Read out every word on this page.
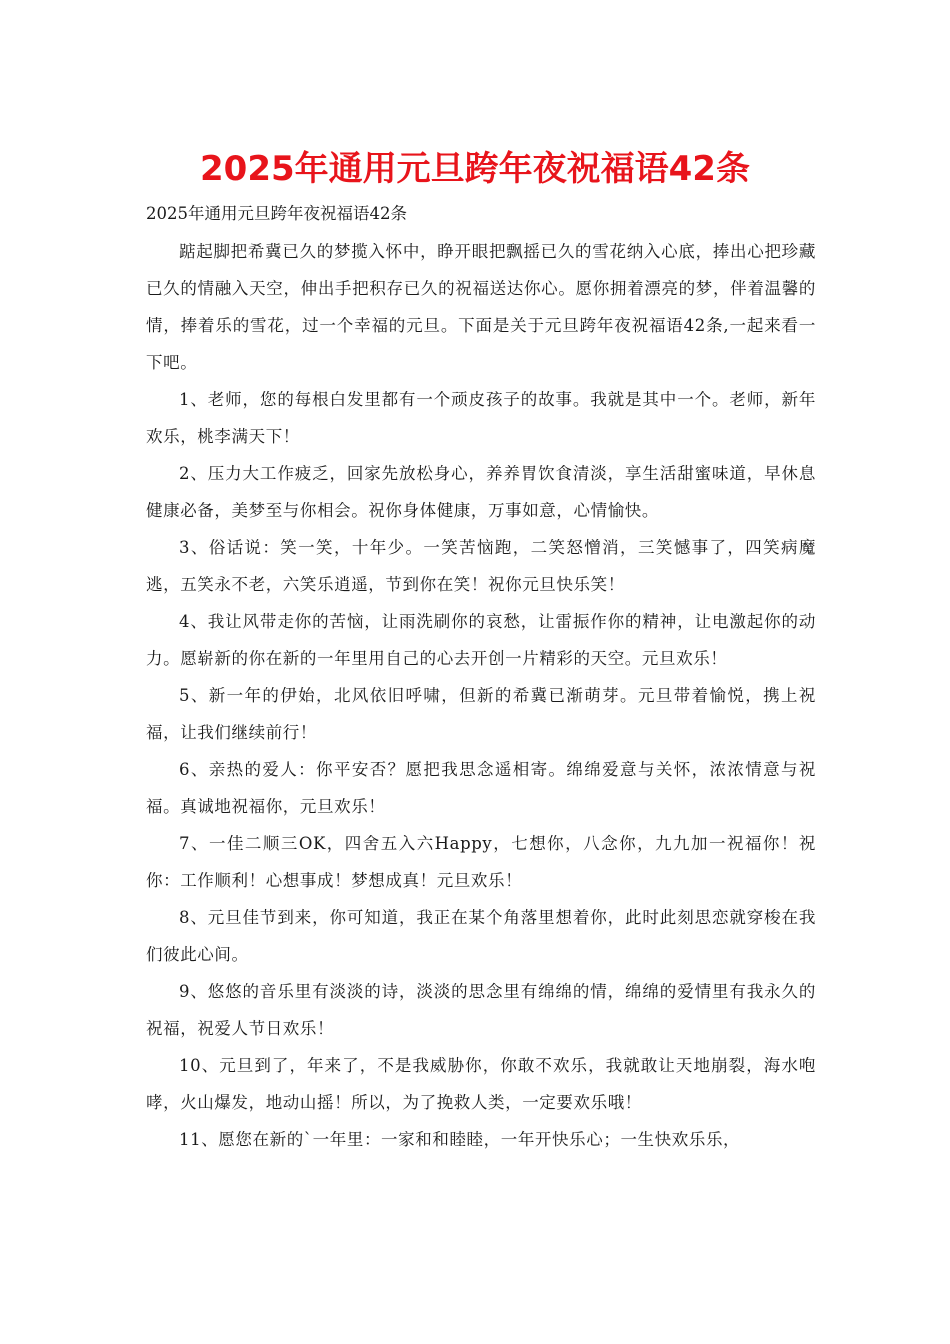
2025年通用元旦跨年夜祝福语42条

2025年通用元旦跨年夜祝福语42条

踮起脚把希冀已久的梦揽入怀中，睁开眼把飘摇已久的雪花纳入心底，捧出心把珍藏已久的情融入天空，伸出手把积存已久的祝福送达你心。愿你拥着漂亮的梦，伴着温馨的情，捧着乐的雪花，过一个幸福的元旦。下面是关于元旦跨年夜祝福语42条,一起来看一下吧。

1、老师，您的每根白发里都有一个顽皮孩子的故事。我就是其中一个。老师，新年欢乐，桃李满天下！

2、压力大工作疲乏，回家先放松身心，养养胃饮食清淡，享生活甜蜜味道，早休息健康必备，美梦至与你相会。祝你身体健康，万事如意，心情愉快。

3、俗话说：笑一笑，十年少。一笑苦恼跑，二笑怒憎消，三笑憾事了，四笑病魔逃，五笑永不老，六笑乐逍遥，节到你在笑！祝你元旦快乐笑！

4、我让风带走你的苦恼，让雨洗刷你的哀愁，让雷振作你的精神，让电激起你的动力。愿崭新的你在新的一年里用自己的心去开创一片精彩的天空。元旦欢乐！

5、新一年的伊始，北风依旧呼啸，但新的希冀已渐萌芽。元旦带着愉悦，携上祝福，让我们继续前行！

6、亲热的爱人：你平安否？愿把我思念遥相寄。绵绵爱意与关怀，浓浓情意与祝福。真诚地祝福你，元旦欢乐！

7、一佳二顺三OK，四舍五入六Happy，七想你，八念你，九九加一祝福你！祝你：工作顺利！心想事成！梦想成真！元旦欢乐！

8、元旦佳节到来，你可知道，我正在某个角落里想着你，此时此刻思恋就穿梭在我们彼此心间。

9、悠悠的音乐里有淡淡的诗，淡淡的思念里有绵绵的情，绵绵的爱情里有我永久的祝福，祝爱人节日欢乐！

10、元旦到了，年来了，不是我威胁你，你敢不欢乐，我就敢让天地崩裂，海水咆哮，火山爆发，地动山摇！所以，为了挽救人类，一定要欢乐哦！

11、愿您在新的`一年里：一家和和睦睦，一年开快乐心；一生快欢乐乐，
